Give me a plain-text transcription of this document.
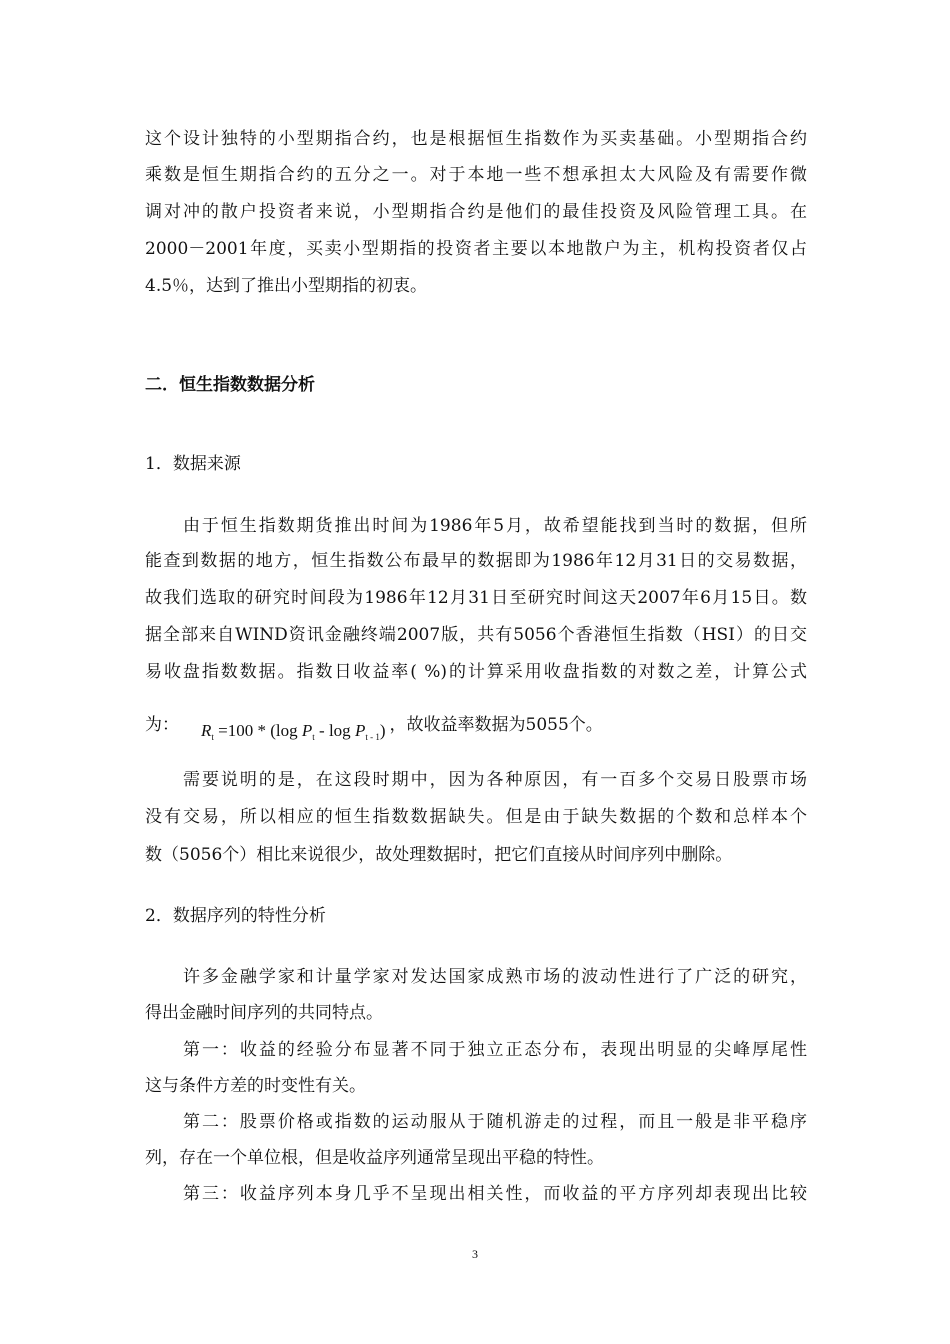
这个设计独特的小型期指合约，也是根据恒生指数作为买卖基础。小型期指合约
乘数是恒生期指合约的五分之一。对于本地一些不想承担太大风险及有需要作微
调对冲的散户投资者来说，小型期指合约是他们的最佳投资及风险管理工具。在
2000－2001年度，买卖小型期指的投资者主要以本地散户为主，机构投资者仅占
4.5％，达到了推出小型期指的初衷。
二．恒生指数数据分析
1．数据来源
由于恒生指数期货推出时间为1986年5月，故希望能找到当时的数据，但所
能查到数据的地方，恒生指数公布最早的数据即为1986年12月31日的交易数据，
故我们选取的研究时间段为1986年12月31日至研究时间这天2007年6月15日。数
据全部来自WIND资讯金融终端2007版，共有5056个香港恒生指数（HSI）的日交
易收盘指数数据。指数日收益率( %)的计算采用收盘指数的对数之差，计算公式
为： $R_t =100 * (\log$ $P_t$ - $\log P_{t - 1}$) ，故收益率数据为5055个。
需要说明的是，在这段时期中，因为各种原因，有一百多个交易日股票市场
没有交易，所以相应的恒生指数数据缺失。但是由于缺失数据的个数和总样本个
数（5056个）相比来说很少，故处理数据时，把它们直接从时间序列中删除。
2．数据序列的特性分析
许多金融学家和计量学家对发达国家成熟市场的波动性进行了广泛的研究，
得出金融时间序列的共同特点。
第一：收益的经验分布显著不同于独立正态分布，表现出明显的尖峰厚尾性
这与条件方差的时变性有关。
第二：股票价格或指数的运动服从于随机游走的过程，而且一般是非平稳序
列，存在一个单位根，但是收益序列通常呈现出平稳的特性。
第三：收益序列本身几乎不呈现出相关性，而收益的平方序列却表现出比较
3
